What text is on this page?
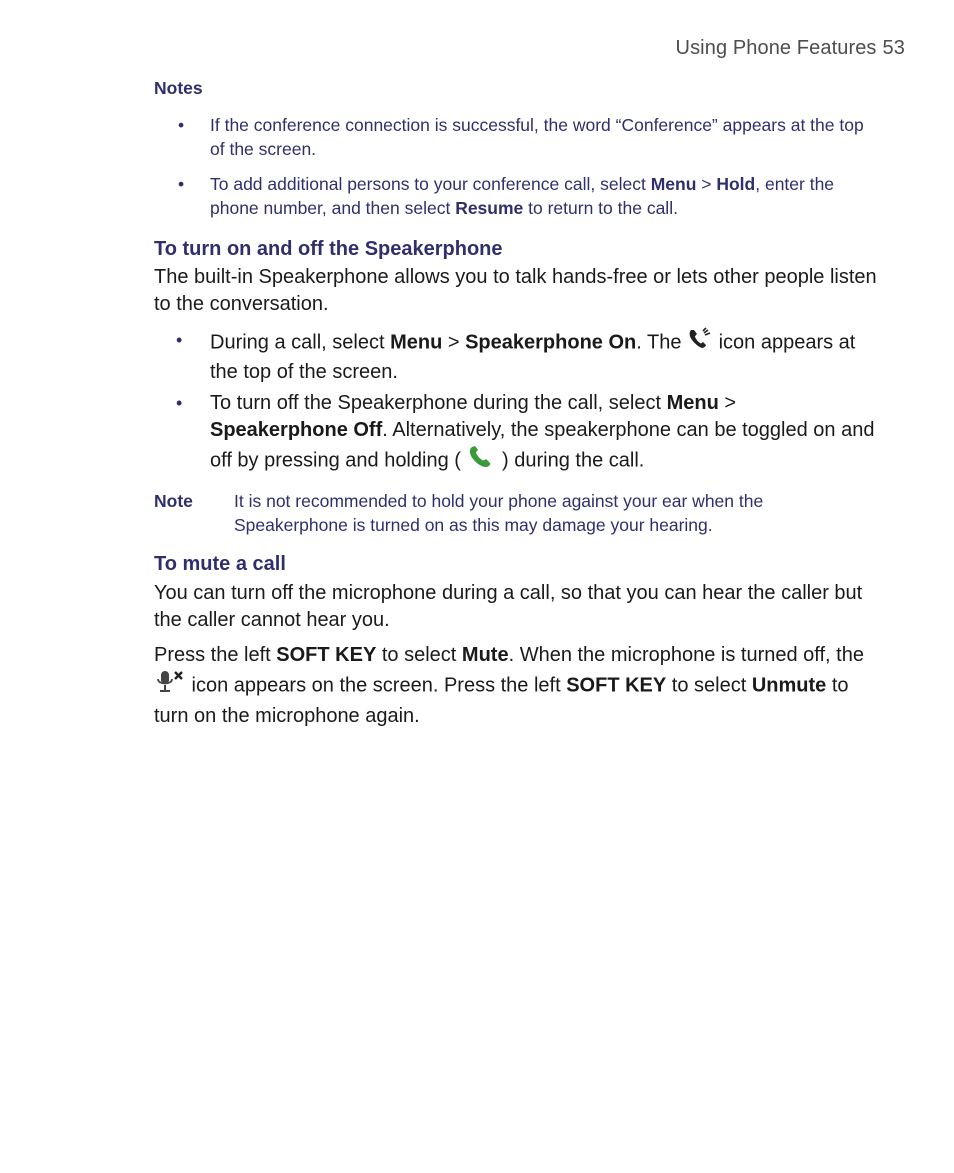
Using Phone Features 53
Notes
• If the conference connection is successful, the word “Conference” appears at the top of the screen.
• To add additional persons to your conference call, select Menu > Hold, enter the phone number, and then select Resume to return to the call.
To turn on and off the Speakerphone
The built-in Speakerphone allows you to talk hands-free or lets other people listen to the conversation.
• During a call, select Menu > Speakerphone On. The  icon appears at the top of the screen.
• To turn off the Speakerphone during the call, select Menu > Speakerphone Off. Alternatively, the speakerphone can be toggled on and off by pressing and holding (  ) during the call.
Note It is not recommended to hold your phone against your ear when the Speakerphone is turned on as this may damage your hearing.
To mute a call
You can turn off the microphone during a call, so that you can hear the caller but the caller cannot hear you.
Press the left SOFT KEY to select Mute. When the microphone is turned off, the  icon appears on the screen. Press the left SOFT KEY to select Unmute to turn on the microphone again.
